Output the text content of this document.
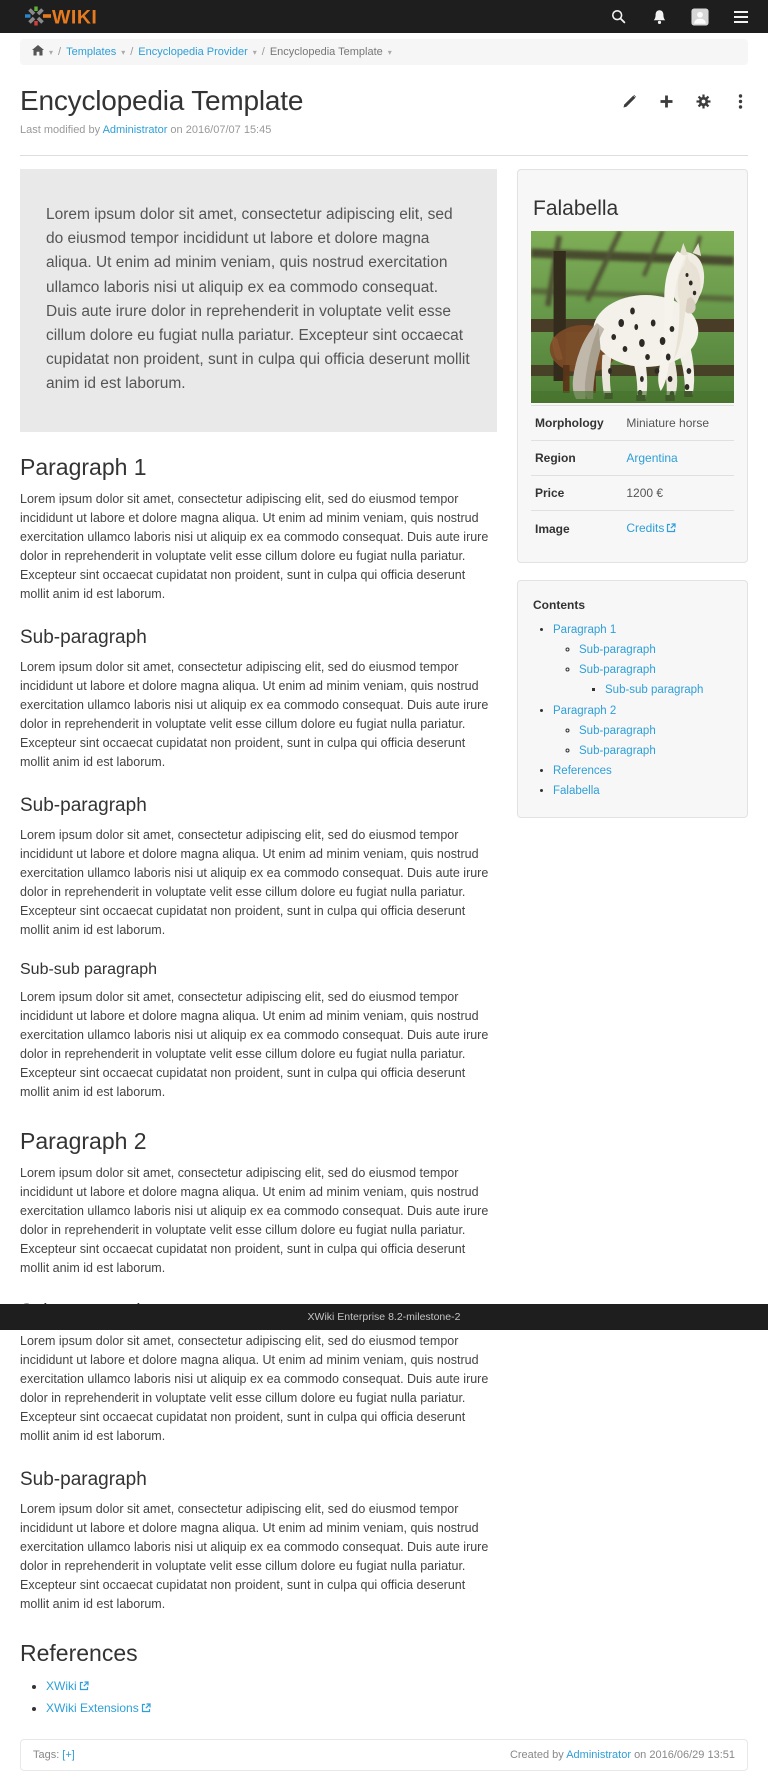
WIKI
▾ / Templates ▾ / Encyclopedia Provider ▾ / Encyclopedia Template ▾
Encyclopedia Template
Last modified by Administrator on 2016/07/07 15:45
Lorem ipsum dolor sit amet, consectetur adipiscing elit, sed do eiusmod tempor incididunt ut labore et dolore magna aliqua. Ut enim ad minim veniam, quis nostrud exercitation ullamco laboris nisi ut aliquip ex ea commodo consequat. Duis aute irure dolor in reprehenderit in voluptate velit esse cillum dolore eu fugiat nulla pariatur. Excepteur sint occaecat cupidatat non proident, sunt in culpa qui officia deserunt mollit anim id est laborum.
Paragraph 1

Lorem ipsum dolor sit amet, consectetur adipiscing elit, sed do eiusmod tempor incididunt ut labore et dolore magna aliqua. Ut enim ad minim veniam, quis nostrud exercitation ullamco laboris nisi ut aliquip ex ea commodo consequat. Duis aute irure dolor in reprehenderit in voluptate velit esse cillum dolore eu fugiat nulla pariatur. Excepteur sint occaecat cupidatat non proident, sunt in culpa qui officia deserunt mollit anim id est laborum.

Sub-paragraph

Lorem ipsum dolor sit amet, consectetur adipiscing elit, sed do eiusmod tempor incididunt ut labore et dolore magna aliqua. Ut enim ad minim veniam, quis nostrud exercitation ullamco laboris nisi ut aliquip ex ea commodo consequat. Duis aute irure dolor in reprehenderit in voluptate velit esse cillum dolore eu fugiat nulla pariatur. Excepteur sint occaecat cupidatat non proident, sunt in culpa qui officia deserunt mollit anim id est laborum.

Sub-paragraph

Lorem ipsum dolor sit amet, consectetur adipiscing elit, sed do eiusmod tempor incididunt ut labore et dolore magna aliqua. Ut enim ad minim veniam, quis nostrud exercitation ullamco laboris nisi ut aliquip ex ea commodo consequat. Duis aute irure dolor in reprehenderit in voluptate velit esse cillum dolore eu fugiat nulla pariatur. Excepteur sint occaecat cupidatat non proident, sunt in culpa qui officia deserunt mollit anim id est laborum.

Sub-sub paragraph

Lorem ipsum dolor sit amet, consectetur adipiscing elit, sed do eiusmod tempor incididunt ut labore et dolore magna aliqua. Ut enim ad minim veniam, quis nostrud exercitation ullamco laboris nisi ut aliquip ex ea commodo consequat. Duis aute irure dolor in reprehenderit in voluptate velit esse cillum dolore eu fugiat nulla pariatur. Excepteur sint occaecat cupidatat non proident, sunt in culpa qui officia deserunt mollit anim id est laborum.

Paragraph 2

Lorem ipsum dolor sit amet, consectetur adipiscing elit, sed do eiusmod tempor incididunt ut labore et dolore magna aliqua. Ut enim ad minim veniam, quis nostrud exercitation ullamco laboris nisi ut aliquip ex ea commodo consequat. Duis aute irure dolor in reprehenderit in voluptate velit esse cillum dolore eu fugiat nulla pariatur. Excepteur sint occaecat cupidatat non proident, sunt in culpa qui officia deserunt mollit anim id est laborum.

Lorem ipsum dolor sit amet, consectetur adipiscing elit, sed do eiusmod tempor incididunt ut labore et dolore magna aliqua. Ut enim ad minim veniam, quis nostrud exercitation ullamco laboris nisi ut aliquip ex ea commodo consequat. Duis aute irure dolor in reprehenderit in voluptate velit esse cillum dolore eu fugiat nulla pariatur. Excepteur sint occaecat cupidatat non proident, sunt in culpa qui officia deserunt mollit anim id est laborum.

Sub-paragraph

Lorem ipsum dolor sit amet, consectetur adipiscing elit, sed do eiusmod tempor incididunt ut labore et dolore magna aliqua. Ut enim ad minim veniam, quis nostrud exercitation ullamco laboris nisi ut aliquip ex ea commodo consequat. Duis aute irure dolor in reprehenderit in voluptate velit esse cillum dolore eu fugiat nulla pariatur. Excepteur sint occaecat cupidatat non proident, sunt in culpa qui officia deserunt mollit anim id est laborum.

References
• XWiki
• XWiki Extensions
Falabella
Morphology	Miniature horse
Region	Argentina
Price	1200 €
Image	Credits
Contents
• Paragraph 1
◦ Sub-paragraph
◦ Sub-paragraph
▪ Sub-sub paragraph
• Paragraph 2
◦ Sub-paragraph
◦ Sub-paragraph
• References
• Falabella
Tags: [+]	Created by Administrator on 2016/06/29 13:51
XWiki Enterprise 8.2-milestone-2
